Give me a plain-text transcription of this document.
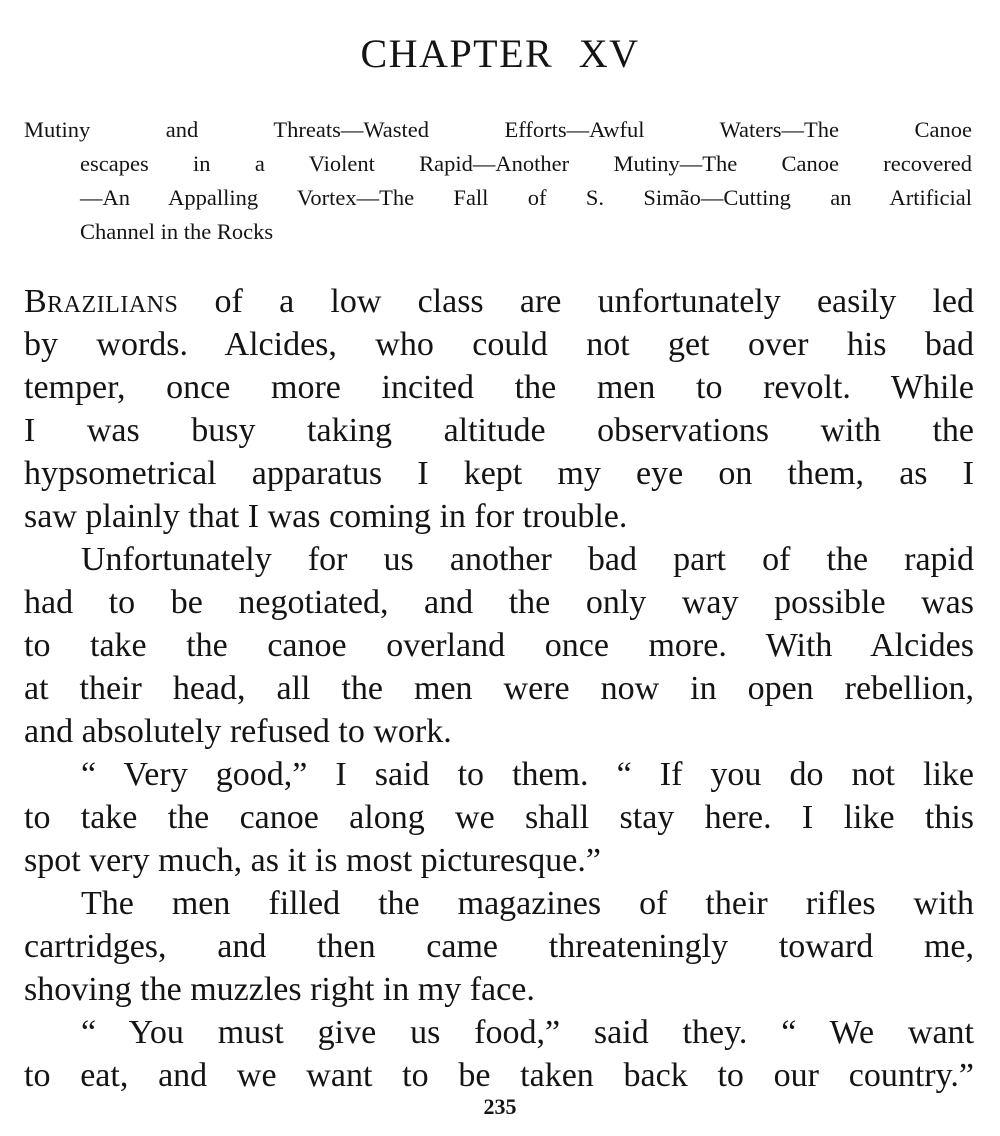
CHAPTER XV
Mutiny and Threats—Wasted Efforts—Awful Waters—The Canoe
escapes in a Violent Rapid—Another Mutiny—The Canoe recovered
—An Appalling Vortex—The Fall of S. Simão—Cutting an Artificial
Channel in the Rocks
Brazilians of a low class are unfortunately easily led
by words. Alcides, who could not get over his bad
temper, once more incited the men to revolt. While
I was busy taking altitude observations with the
hypsometrical apparatus I kept my eye on them, as I
saw plainly that I was coming in for trouble.
Unfortunately for us another bad part of the rapid
had to be negotiated, and the only way possible was
to take the canoe overland once more. With Alcides
at their head, all the men were now in open rebellion,
and absolutely refused to work.
“ Very good,” I said to them. “ If you do not like
to take the canoe along we shall stay here. I like this
spot very much, as it is most picturesque.”
The men filled the magazines of their rifles with
cartridges, and then came threateningly toward me,
shoving the muzzles right in my face.
“ You must give us food,” said they. “ We want
to eat, and we want to be taken back to our country.”
235
